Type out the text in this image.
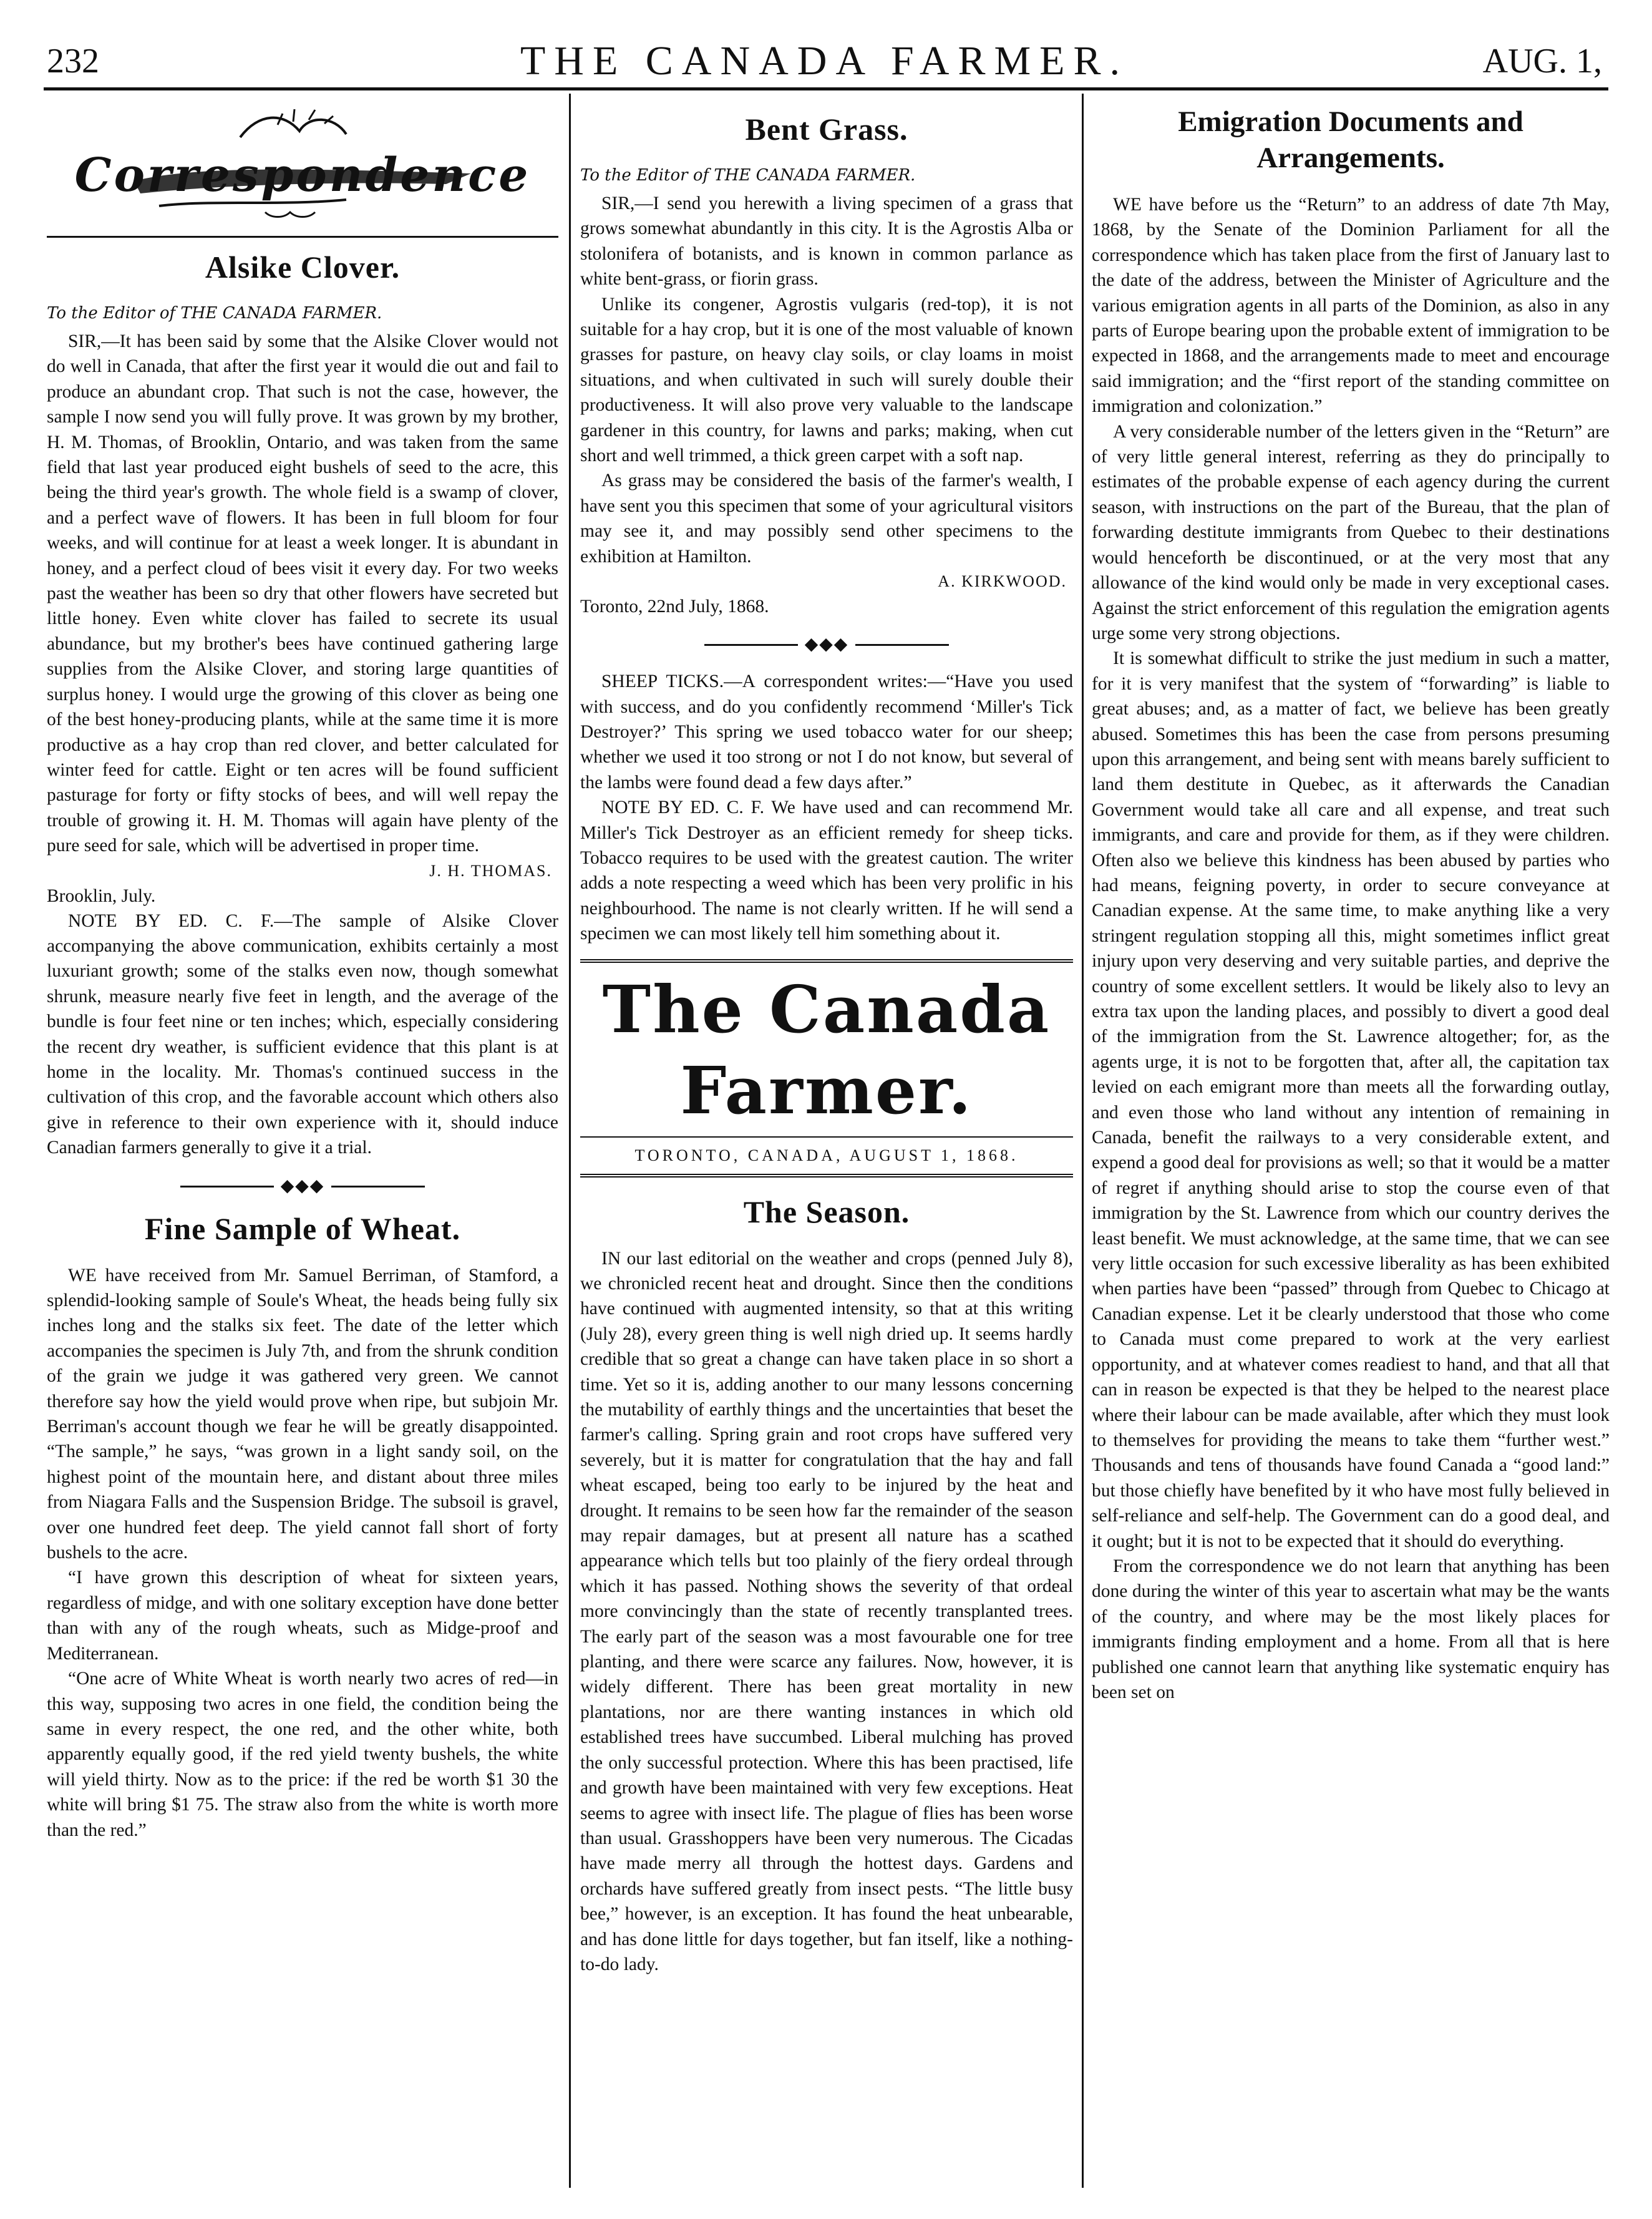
232	THE CANADA FARMER.	AUG. 1,
Correspondence
Alsike Clover.
To the Editor of THE CANADA FARMER.

SIR,—It has been said by some that the Alsike Clover would not do well in Canada, that after the first year it would die out and fail to produce an abundant crop. That such is not the case, however, the sample I now send you will fully prove. It was grown by my brother, H. M. Thomas, of Brooklin, Ontario, and was taken from the same field that last year produced eight bushels of seed to the acre, this being the third year's growth. The whole field is a swamp of clover, and a perfect wave of flowers. It has been in full bloom for four weeks, and will continue for at least a week longer. It is abundant in honey, and a perfect cloud of bees visit it every day. For two weeks past the weather has been so dry that other flowers have secreted but little honey. Even white clover has failed to secrete its usual abundance, but my brother's bees have continued gathering large supplies from the Alsike Clover, and storing large quantities of surplus honey. I would urge the growing of this clover as being one of the best honey-producing plants, while at the same time it is more productive as a hay crop than red clover, and better calculated for winter feed for cattle. Eight or ten acres will be found sufficient pasturage for forty or fifty stocks of bees, and will well repay the trouble of growing it. H. M. Thomas will again have plenty of the pure seed for sale, which will be advertised in proper time.

J. H. THOMAS.
Brooklin, July.

NOTE BY ED. C. F.—The sample of Alsike Clover accompanying the above communication, exhibits certainly a most luxuriant growth; some of the stalks even now, though somewhat shrunk, measure nearly five feet in length, and the average of the bundle is four feet nine or ten inches; which, especially considering the recent dry weather, is sufficient evidence that this plant is at home in the locality. Mr. Thomas's continued success in the cultivation of this crop, and the favorable account which others also give in reference to their own experience with it, should induce Canadian farmers generally to give it a trial.

◆◆◆
Fine Sample of Wheat.

WE have received from Mr. Samuel Berriman, of Stamford, a splendid-looking sample of Soule's Wheat, the heads being fully six inches long and the stalks six feet. The date of the letter which accompanies the specimen is July 7th, and from the shrunk condition of the grain we judge it was gathered very green. We cannot therefore say how the yield would prove when ripe, but subjoin Mr. Berriman's account though we fear he will be greatly disappointed. “The sample,” he says, “was grown in a light sandy soil, on the highest point of the mountain here, and distant about three miles from Niagara Falls and the Suspension Bridge. The subsoil is gravel, over one hundred feet deep. The yield cannot fall short of forty bushels to the acre.

“I have grown this description of wheat for sixteen years, regardless of midge, and with one solitary exception have done better than with any of the rough wheats, such as Midge-proof and Mediterranean.

“One acre of White Wheat is worth nearly two acres of red—in this way, supposing two acres in one field, the condition being the same in every respect, the one red, and the other white, both apparently equally good, if the red yield twenty bushels, the white will yield thirty. Now as to the price: if the red be worth $1 30 the white will bring $1 75. The straw also from the white is worth more than the red.”

Bent Grass.
To the Editor of THE CANADA FARMER.

SIR,—I send you herewith a living specimen of a grass that grows somewhat abundantly in this city. It is the Agrostis Alba or stolonifera of botanists, and is known in common parlance as white bent-grass, or fiorin grass.

Unlike its congener, Agrostis vulgaris (red-top), it is not suitable for a hay crop, but it is one of the most valuable of known grasses for pasture, on heavy clay soils, or clay loams in moist situations, and when cultivated in such will surely double their productiveness. It will also prove very valuable to the landscape gardener in this country, for lawns and parks; making, when cut short and well trimmed, a thick green carpet with a soft nap.

As grass may be considered the basis of the farmer's wealth, I have sent you this specimen that some of your agricultural visitors may see it, and may possibly send other specimens to the exhibition at Hamilton.

A. KIRKWOOD.
Toronto, 22nd July, 1868.
◆◆◆

SHEEP TICKS.—A correspondent writes:—“Have you used with success, and do you confidently recommend ‘Miller's Tick Destroyer?’ This spring we used tobacco water for our sheep; whether we used it too strong or not I do not know, but several of the lambs were found dead a few days after.”

NOTE BY ED. C. F. We have used and can recommend Mr. Miller's Tick Destroyer as an efficient remedy for sheep ticks. Tobacco requires to be used with the greatest caution. The writer adds a note respecting a weed which has been very prolific in his neighbourhood. The name is not clearly written. If he will send a specimen we can most likely tell him something about it.

The Canada Farmer.
TORONTO, CANADA, AUGUST 1, 1868.
The Season.

IN our last editorial on the weather and crops (penned July 8), we chronicled recent heat and drought. Since then the conditions have continued with augmented intensity, so that at this writing (July 28), every green thing is well nigh dried up. It seems hardly credible that so great a change can have taken place in so short a time. Yet so it is, adding another to our many lessons concerning the mutability of earthly things and the uncertainties that beset the farmer's calling. Spring grain and root crops have suffered very severely, but it is matter for congratulation that the hay and fall wheat escaped, being too early to be injured by the heat and drought. It remains to be seen how far the remainder of the season may repair damages, but at present all nature has a scathed appearance which tells but too plainly of the fiery ordeal through which it has passed. Nothing shows the severity of that ordeal more convincingly than the state of recently transplanted trees. The early part of the season was a most favourable one for tree planting, and there were scarce any failures. Now, however, it is widely different. There has been great mortality in new plantations, nor are there wanting instances in which old established trees have succumbed. Liberal mulching has proved the only successful protection. Where this has been practised, life and growth have been maintained with very few exceptions. Heat seems to agree with insect life. The plague of flies has been worse than usual. Grasshoppers have been very numerous. The Cicadas have made merry all through the hottest days. Gardens and orchards have suffered greatly from insect pests. “The little busy bee,” however, is an exception. It has found the heat unbearable, and has done little for days together, but fan itself, like a nothing-to-do lady.

Emigration Documents and Arrangements.

WE have before us the “Return” to an address of date 7th May, 1868, by the Senate of the Dominion Parliament for all the correspondence which has taken place from the first of January last to the date of the address, between the Minister of Agriculture and the various emigration agents in all parts of the Dominion, as also in any parts of Europe bearing upon the probable extent of immigration to be expected in 1868, and the arrangements made to meet and encourage said immigration; and the “first report of the standing committee on immigration and colonization.”

A very considerable number of the letters given in the “Return” are of very little general interest, referring as they do principally to estimates of the probable expense of each agency during the current season, with instructions on the part of the Bureau, that the plan of forwarding destitute immigrants from Quebec to their destinations would henceforth be discontinued, or at the very most that any allowance of the kind would only be made in very exceptional cases. Against the strict enforcement of this regulation the emigration agents urge some very strong objections.

It is somewhat difficult to strike the just medium in such a matter, for it is very manifest that the system of “forwarding” is liable to great abuses; and, as a matter of fact, we believe has been greatly abused. Sometimes this has been the case from persons presuming upon this arrangement, and being sent with means barely sufficient to land them destitute in Quebec, as it afterwards the Canadian Government would take all care and all expense, and treat such immigrants, and care and provide for them, as if they were children. Often also we believe this kindness has been abused by parties who had means, feigning poverty, in order to secure conveyance at Canadian expense. At the same time, to make anything like a very stringent regulation stopping all this, might sometimes inflict great injury upon very deserving and very suitable parties, and deprive the country of some excellent settlers. It would be likely also to levy an extra tax upon the landing places, and possibly to divert a good deal of the immigration from the St. Lawrence altogether; for, as the agents urge, it is not to be forgotten that, after all, the capitation tax levied on each emigrant more than meets all the forwarding outlay, and even those who land without any intention of remaining in Canada, benefit the railways to a very considerable extent, and expend a good deal for provisions as well; so that it would be a matter of regret if anything should arise to stop the course even of that immigration by the St. Lawrence from which our country derives the least benefit. We must acknowledge, at the same time, that we can see very little occasion for such excessive liberality as has been exhibited when parties have been “passed” through from Quebec to Chicago at Canadian expense. Let it be clearly understood that those who come to Canada must come prepared to work at the very earliest opportunity, and at whatever comes readiest to hand, and that all that can in reason be expected is that they be helped to the nearest place where their labour can be made available, after which they must look to themselves for providing the means to take them “further west.” Thousands and tens of thousands have found Canada a “good land:” but those chiefly have benefited by it who have most fully believed in self-reliance and self-help. The Government can do a good deal, and it ought; but it is not to be expected that it should do everything.

From the correspondence we do not learn that anything has been done during the winter of this year to ascertain what may be the wants of the country, and where may be the most likely places for immigrants finding employment and a home. From all that is here published one cannot learn that anything like systematic enquiry has been set on
